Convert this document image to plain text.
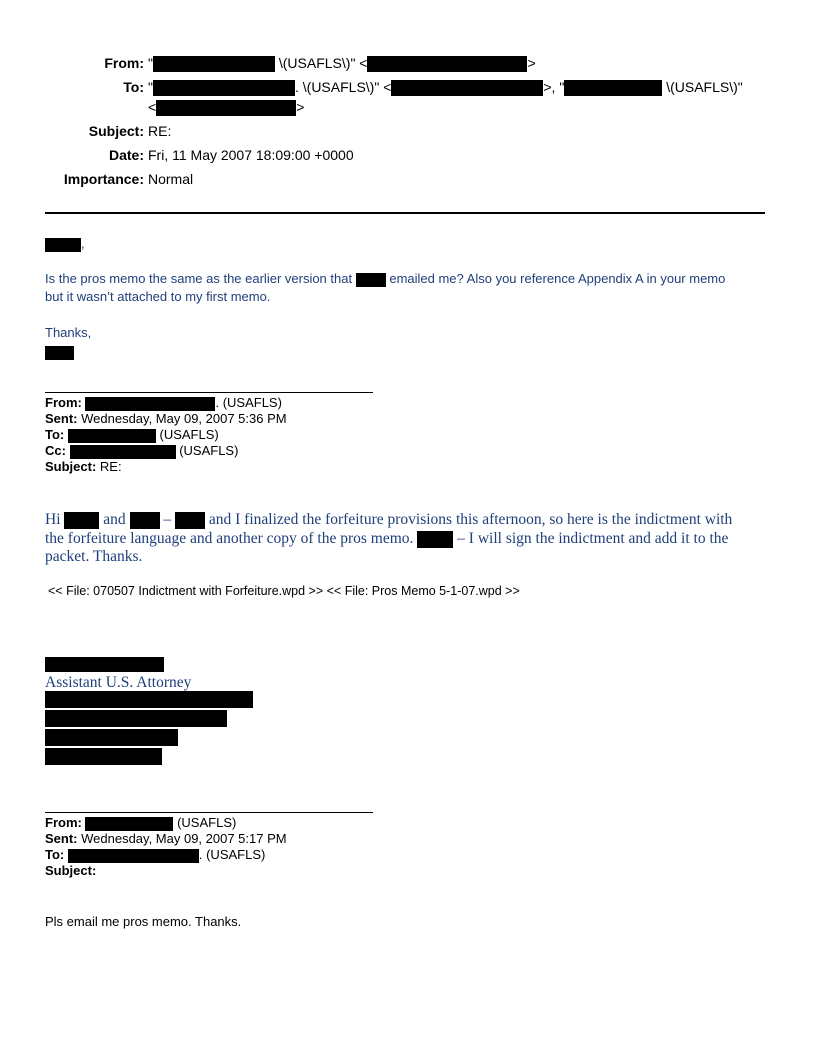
From: "	\(USAFLS\)" <	>
To: "	. \(USAFLS\)" <	>, "	\(USAFLS\)"
<	>
Subject: RE:
Date: Fri, 11 May 2007 18:09:00 +0000
Importance: Normal
,
Is the pros memo the same as the earlier version that	emailed me? Also you reference Appendix A in your memo
but it wasn’t attached to my first memo.
Thanks,
From:	. (USAFLS)
Sent: Wednesday, May 09, 2007 5:36 PM
To:	(USAFLS)
Cc:	(USAFLS)
Subject: RE:
Hi	and – and I finalized the forfeiture provisions this afternoon, so here is the indictment with
the forfeiture language and another copy of the pros memo.	– I will sign the indictment and add it to the
packet. Thanks.
<< File: 070507 Indictment with Forfeiture.wpd >> << File: Pros Memo 5-1-07.wpd >>
Assistant U.S. Attorney
From:	(USAFLS)
Sent: Wednesday, May 09, 2007 5:17 PM
To:	. (USAFLS)
Subject:
Pls email me pros memo. Thanks.
